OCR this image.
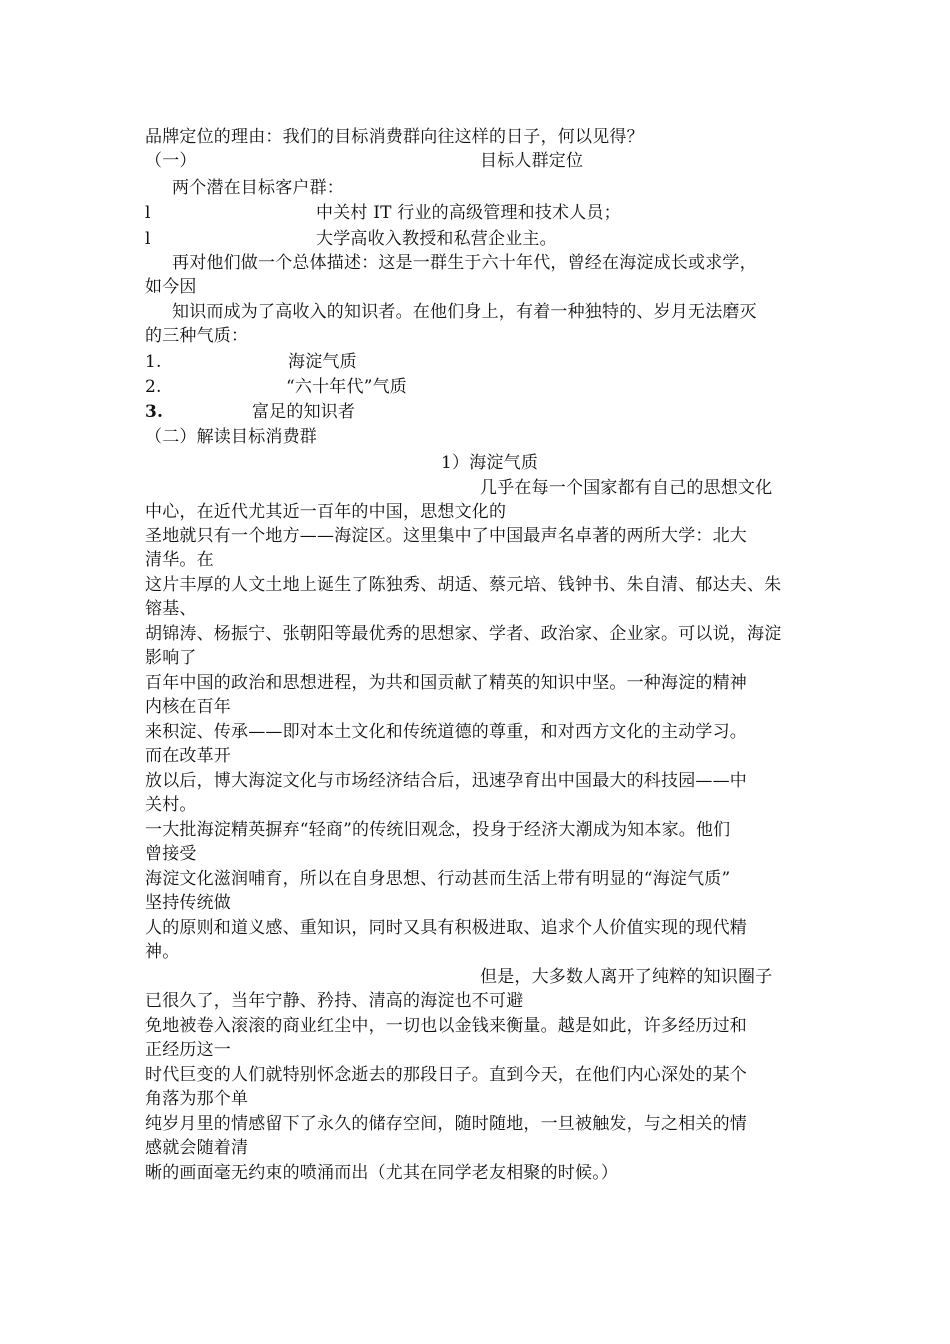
品牌定位的理由：我们的目标消费群向往这样的日子，何以见得？

（一）	目标人群定位

两个潜在目标客户群：

l	中关村 IT 行业的高级管理和技术人员；

l	大学高收入教授和私营企业主。

再对他们做一个总体描述：这是一群生于六十年代，曾经在海淀成长或求学，

如今因

知识而成为了高收入的知识者。在他们身上，有着一种独特的、岁月无法磨灭

的三种气质：

1.	海淀气质

2.	“六十年代”气质

3.	富足的知识者

（二）解读目标消费群

1）海淀气质

几乎在每一个国家都有自己的思想文化

中心，在近代尤其近一百年的中国，思想文化的

圣地就只有一个地方——海淀区。这里集中了中国最声名卓著的两所大学：北大

清华。在

这片丰厚的人文土地上诞生了陈独秀、胡适、蔡元培、钱钟书、朱自清、郁达夫、朱

镕基、

胡锦涛、杨振宁、张朝阳等最优秀的思想家、学者、政治家、企业家。可以说，海淀

影响了

百年中国的政治和思想进程，为共和国贡献了精英的知识中坚。一种海淀的精神

内核在百年

来积淀、传承——即对本土文化和传统道德的尊重，和对西方文化的主动学习。

而在改革开

放以后，博大海淀文化与市场经济结合后，迅速孕育出中国最大的科技园——中

关村。

一大批海淀精英摒弃“轻商”的传统旧观念，投身于经济大潮成为知本家。他们

曾接受

海淀文化滋润哺育，所以在自身思想、行动甚而生活上带有明显的“海淀气质”

坚持传统做

人的原则和道义感、重知识，同时又具有积极进取、追求个人价值实现的现代精

神。

但是，大多数人离开了纯粹的知识圈子

已很久了，当年宁静、矜持、清高的海淀也不可避

免地被卷入滚滚的商业红尘中，一切也以金钱来衡量。越是如此，许多经历过和

正经历这一

时代巨变的人们就特别怀念逝去的那段日子。直到今天，在他们内心深处的某个

角落为那个单

纯岁月里的情感留下了永久的储存空间，随时随地，一旦被触发，与之相关的情

感就会随着清

晰的画面毫无约束的喷涌而出（尤其在同学老友相聚的时候。）
